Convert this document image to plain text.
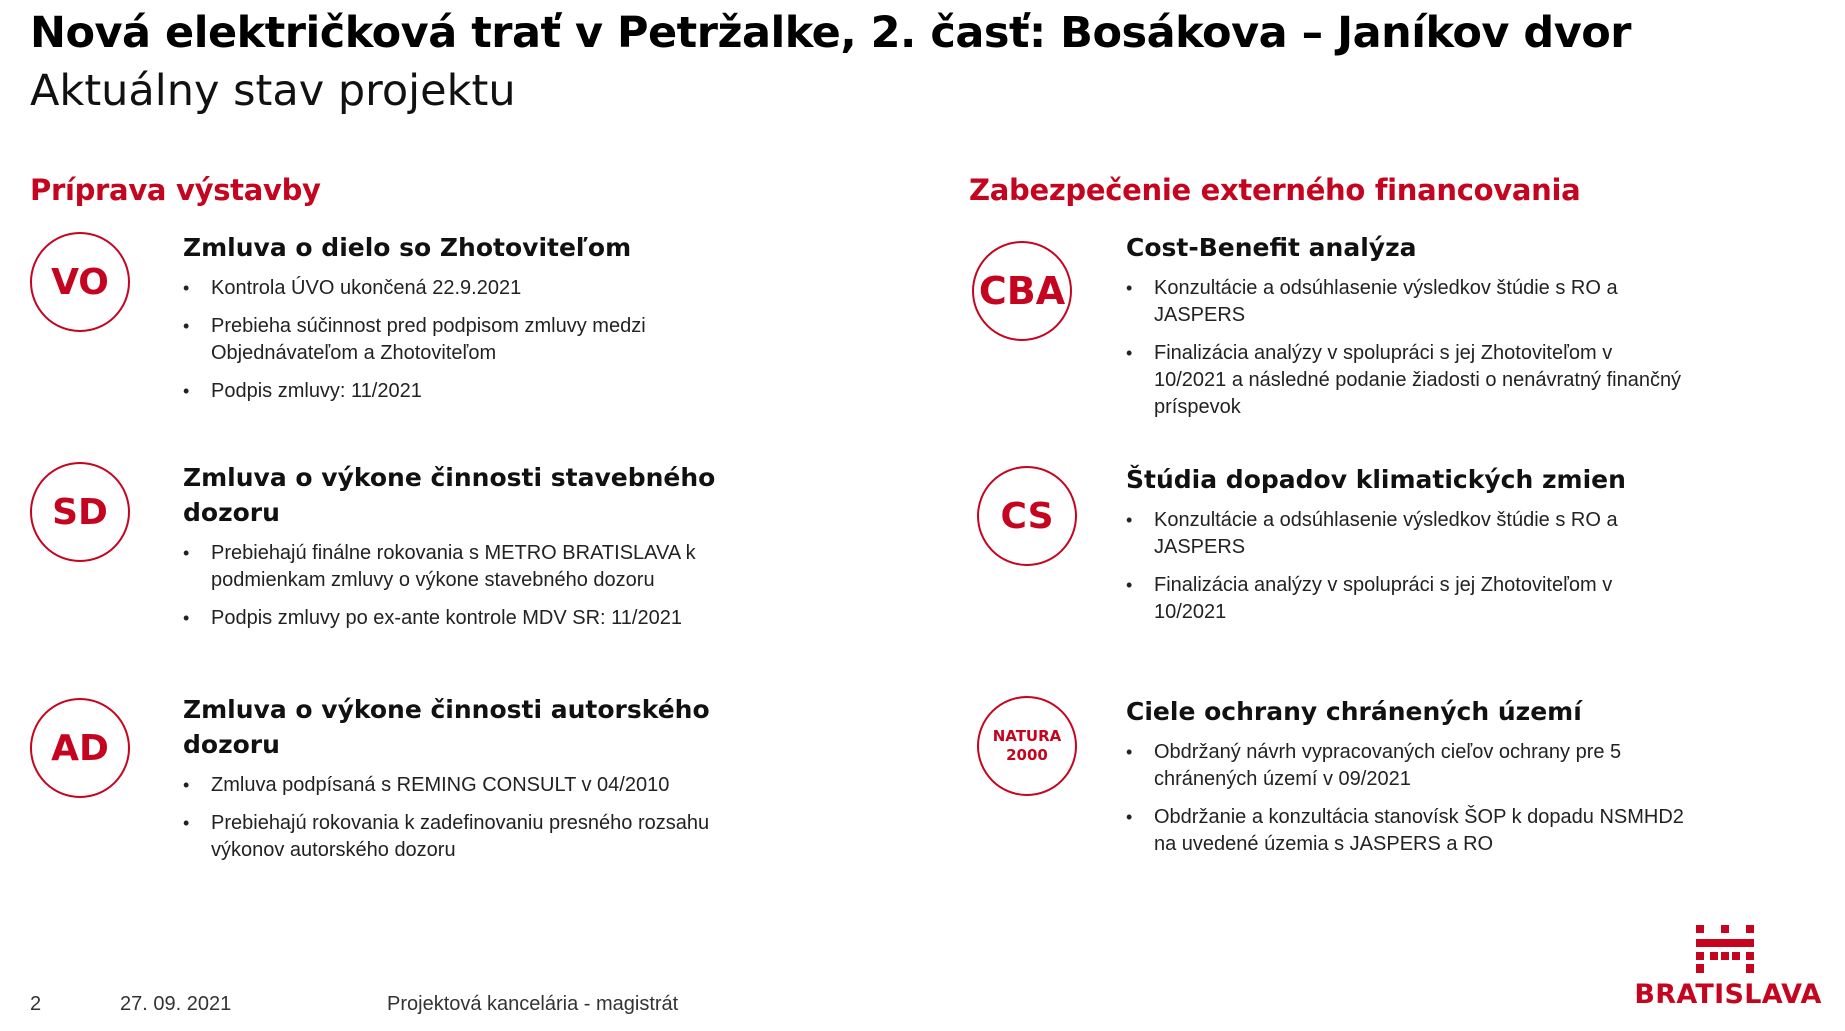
Nová električková trať v Petržalke, 2. časť: Bosákova – Janíkov dvor
Aktuálny stav projektu
Príprava výstavby
VO

Zmluva o dielo so Zhotoviteľom

• Kontrola ÚVO ukončená 22.9.2021
• Prebieha súčinnost pred podpisom zmluvy medzi Objednávateľom a Zhotoviteľom
• Podpis zmluvy: 11/2021
SD

Zmluva o výkone činnosti stavebného dozoru

• Prebiehajú finálne rokovania s METRO BRATISLAVA k podmienkam zmluvy o výkone stavebného dozoru
• Podpis zmluvy po ex-ante kontrole MDV SR: 11/2021
AD

Zmluva o výkone činnosti autorského dozoru

• Zmluva podpísaná s REMING CONSULT v 04/2010
• Prebiehajú rokovania k zadefinovaniu presného rozsahu výkonov autorského dozoru
Zabezpečenie externého financovania
CBA

Cost-Benefit analýza

• Konzultácie a odsúhlasenie výsledkov štúdie s RO a JASPERS
• Finalizácia analýzy v spolupráci s jej Zhotoviteľom v 10/2021 a následné podanie žiadosti o nenávratný finančný príspevok
CS

Štúdia dopadov klimatických zmien

• Konzultácie a odsúhlasenie výsledkov štúdie s RO a JASPERS
• Finalizácia analýzy v spolupráci s jej Zhotoviteľom v 10/2021
NATURA
2000

Ciele ochrany chránených území

• Obdržaný návrh vypracovaných cieľov ochrany pre 5 chránených území v 09/2021
• Obdržanie a konzultácia stanovísk ŠOP k dopadu NSMHD2 na uvedené územia s JASPERS a RO
2	27. 09. 2021	Projektová kancelária - magistrát	BRATISLAVA
